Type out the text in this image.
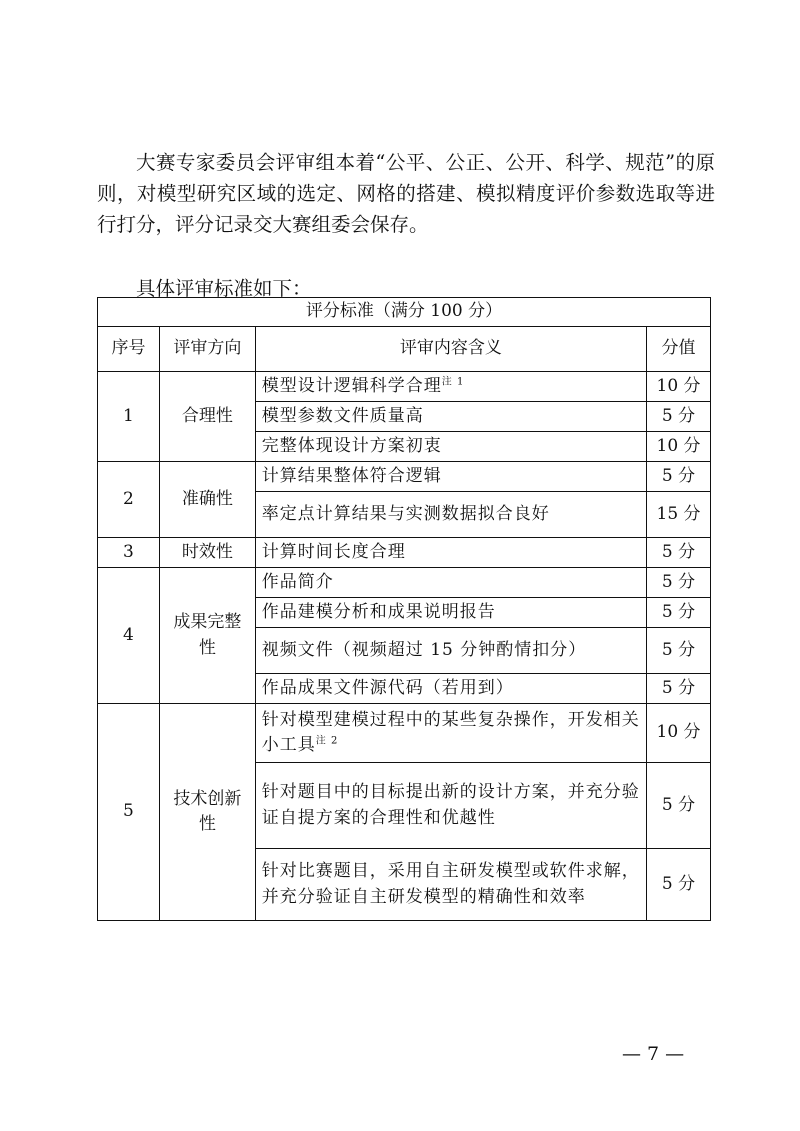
大赛专家委员会评审组本着“公平、公正、公开、科学、规范”的原则，对模型研究区域的选定、网格的搭建、模拟精度评价参数选取等进行打分，评分记录交大赛组委会保存。
具体评审标准如下：
评分标准（满分 100 分）			
序号	评审方向	评审内容含义	分值
1	合理性	模型设计逻辑科学合理$^{注 1}$	10 分
		模型参数文件质量高	5 分
		完整体现设计方案初衷	10 分
2	准确性	计算结果整体符合逻辑	5 分
		率定点计算结果与实测数据拟合良好	15 分
3	时效性	计算时间长度合理	5 分
4	成果完整性	作品简介	5 分
		作品建模分析和成果说明报告	5 分
		视频文件（视频超过 15 分钟酌情扣分）	5 分
		作品成果文件源代码（若用到）	5 分
5	技术创新性	针对模型建模过程中的某些复杂操作，开发相关小工具$^{注 2}$	10 分
		针对题目中的目标提出新的设计方案，并充分验证自提方案的合理性和优越性	5 分
		针对比赛题目，采用自主研发模型或软件求解，并充分验证自主研发模型的精确性和效率	5 分
— 7 —
